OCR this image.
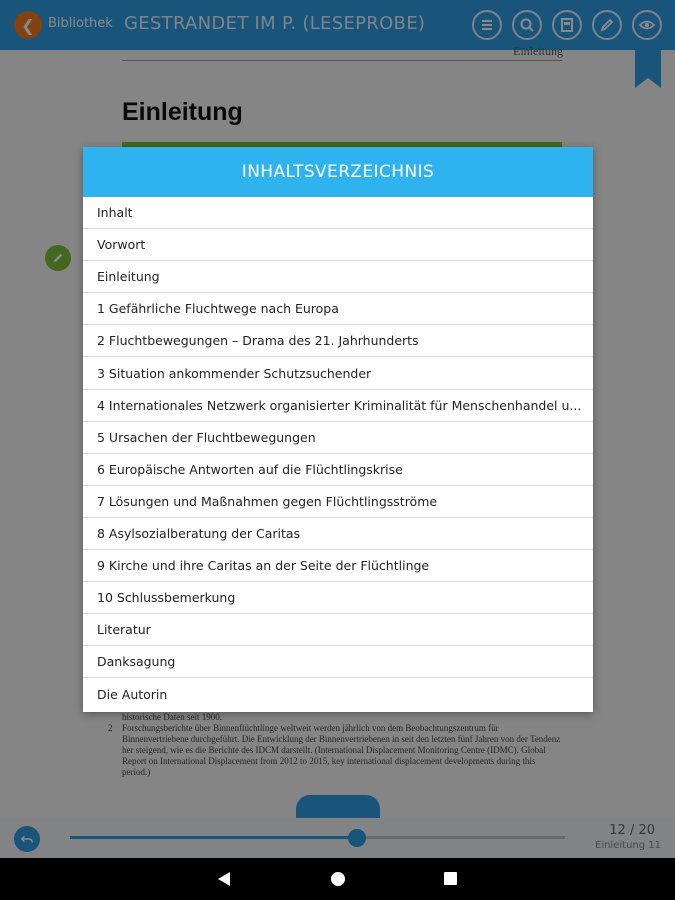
❮ Bibliothek GESTRANDET IM P. (LESEPROBE)
Einleitung
Einleitung
historische Daten seit 1900.
2 Forschungsberichte über Binnenflüchtlinge weltweit werden jährlich von dem Beobachtungszentrum für Binnenvertriebene durchgeführt. Die Entwicklung der Binnenvertriebenen in seit den letzten fünf Jahren von der Tendenz her steigend, wie es die Berichte des IDCM darstellt. (International Displacement Monitoring Centre (IDMC). Global Report on International Displacement from 2012 to 2015, key international displacement developments during this period.)
12 / 20
Einleitung 11
INHALTSVERZEICHNIS
Inhalt
Vorwort
Einleitung
1 Gefährliche Fluchtwege nach Europa
2 Fluchtbewegungen – Drama des 21. Jahrhunderts
3 Situation ankommender Schutzsuchender
4 Internationales Netzwerk organisierter Kriminalität für Menschenhandel u...
5 Ursachen der Fluchtbewegungen
6 Europäische Antworten auf die Flüchtlingskrise
7 Lösungen und Maßnahmen gegen Flüchtlingsströme
8 Asylsozialberatung der Caritas
9 Kirche und ihre Caritas an der Seite der Flüchtlinge
10 Schlussbemerkung
Literatur
Danksagung
Die Autorin
